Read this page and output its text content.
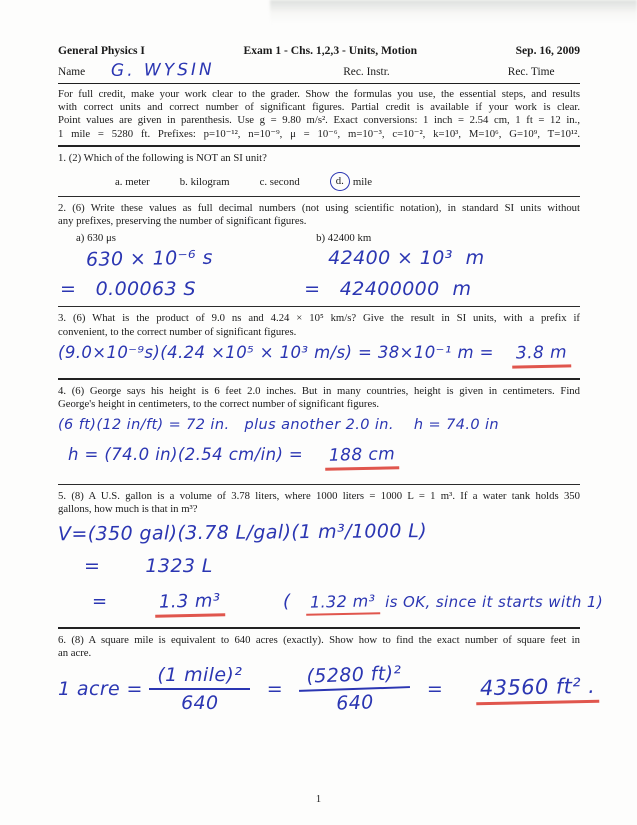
General Physics I	Exam 1 - Chs. 1,2,3 - Units, Motion	Sep. 16, 2009
Name G. WYSIN	Rec. Instr.	Rec. Time
For full credit, make your work clear to the grader. Show the formulas you use, the essential steps, and results
with correct units and correct number of significant figures. Partial credit is available if your work is clear.
Point values are given in parenthesis. Use g = 9.80 m/s². Exact conversions: 1 inch = 2.54 cm, 1 ft = 12 in.,
1 mile = 5280 ft. Prefixes: p=10⁻¹², n=10⁻⁹, μ = 10⁻⁶, m=10⁻³, c=10⁻², k=10³, M=10⁶, G=10⁹, T=10¹².
1. (2) Which of the following is NOT an SI unit?
a. meter	b. kilogram	c. second	d. mile
2. (6) Write these values as full decimal numbers (not using scientific notation), in standard SI units without
any prefixes, preserving the number of significant figures.
a) 630 μs
630 × 10⁻⁶ s
=   0.00063 S
b) 42400 km
42400 × 10³  m
=   42400000  m
3. (6) What is the product of 9.0 ns and 4.24 × 10⁵ km/s? Give the result in SI units, with a prefix if
convenient, to the correct number of significant figures.
(9.0×10⁻⁹s)(4.24 ×10⁵ × 10³ m/s) = 38×10⁻¹ m = 3.8 m
4. (6) George says his height is 6 feet 2.0 inches. But in many countries, height is given in centimeters. Find
George's height in centimeters, to the correct number of significant figures.
(6 ft)(12 in/ft) = 72 in.   plus another 2.0 in.    h = 74.0 in
h = (74.0 in)(2.54 cm/in) = 188 cm
5. (8) A U.S. gallon is a volume of 3.78 liters, where 1000 liters = 1000 L = 1 m³. If a water tank holds 350
gallons, how much is that in m³?
V=(350 gal)(3.78 L/gal)(1 m³/1000 L)
=       1323 L
=	1.3 m³	( 1.32 m³ is OK, since it starts with 1)
6. (8) A square mile is equivalent to 640 acres (exactly). Show how to find the exact number of square feet in
an acre.
1 acre = $\frac{\text{(1 mile)²}}{640} = \frac{\text{(5280 ft)²}}{640} = 43560$ ft² .
1
